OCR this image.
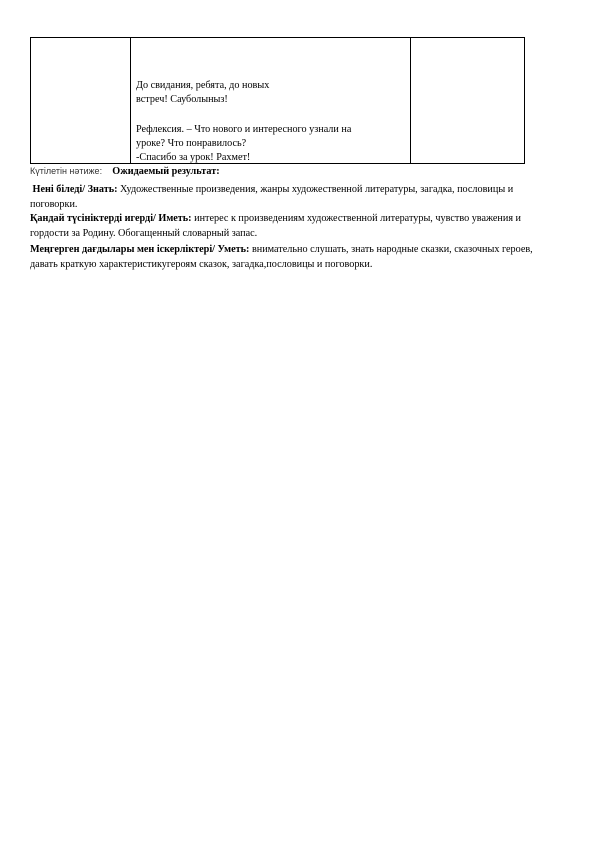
До свидания, ребята, до новых
встреч! Сауболыныз!
Рефлексия. – Что нового и интересного узнали на
уроке? Что понравилось?
-Спасибо за урок! Рахмет!
Күтілетін нәтиже: Ожидаемый результат:
Нені біледі/ Знать: Художественные произведения, жанры художественной литературы, загадка, пословицы и поговорки.
Қандай түсініктерді игерді/ Иметь: интерес к произведениям художественной литературы, чувство уважения и гордости за Родину. Обогащенный словарный запас.
Меңгерген дағдылары мен іскерліктері/ Уметь: внимательно слушать, знать народные сказки, сказочных героев, давать краткую характеристикугероям сказок, загадка,пословицы и поговорки.
